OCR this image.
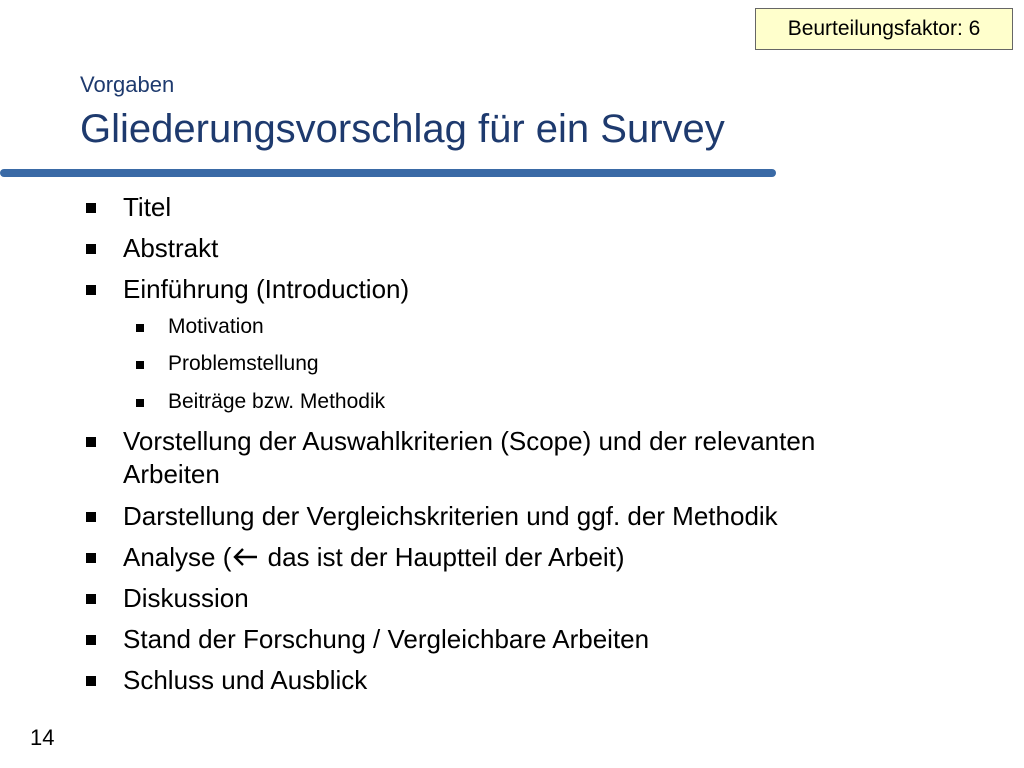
Beurteilungsfaktor: 6
Vorgaben
Gliederungsvorschlag für ein Survey
Titel
Abstrakt
Einführung (Introduction)
Motivation
Problemstellung
Beiträge bzw. Methodik
Vorstellung der Auswahlkriterien (Scope) und der relevanten
Arbeiten
Darstellung der Vergleichskriterien und ggf. der Methodik
Analyse ( das ist der Hauptteil der Arbeit)
Diskussion
Stand der Forschung / Vergleichbare Arbeiten
Schluss und Ausblick
14
